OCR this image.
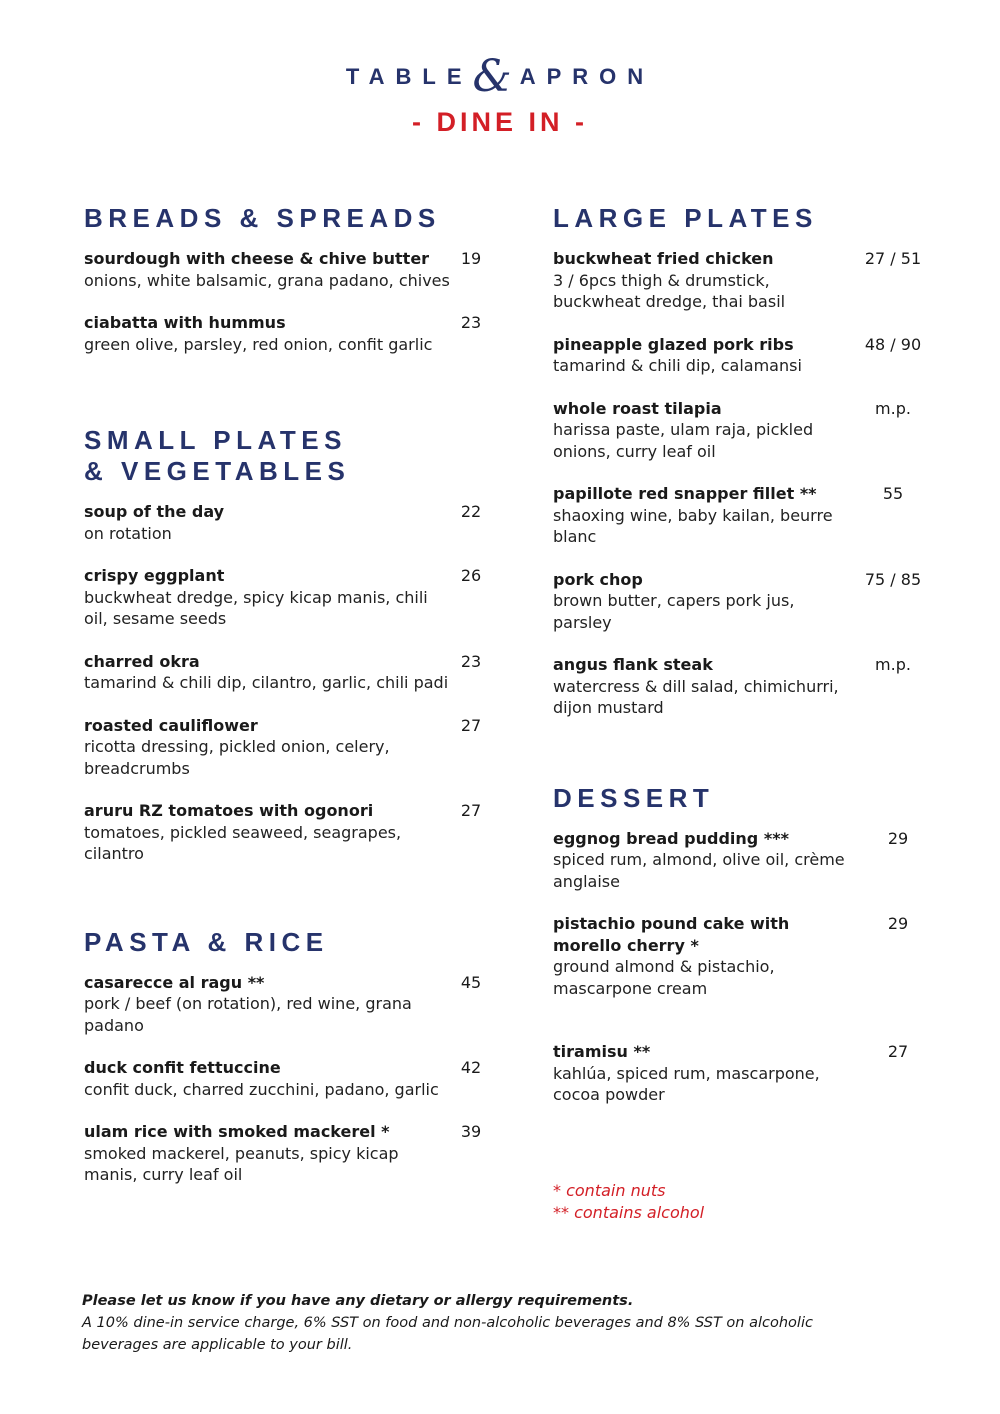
TABLE& APRON
- DINE IN -
BREADS & SPREADS
sourdough with cheese & chive butter
onions, white balsamic, grana padano, chives
19
ciabatta with hummus
green olive, parsley, red onion, confit garlic
23
SMALL PLATES
& VEGETABLES
soup of the day
on rotation
22
crispy eggplant
buckwheat dredge, spicy kicap manis, chili oil, sesame seeds
26
charred okra
tamarind & chili dip, cilantro, garlic, chili padi
23
roasted cauliflower
ricotta dressing, pickled onion, celery, breadcrumbs
27
aruru RZ tomatoes with ogonori
tomatoes, pickled seaweed, seagrapes, cilantro
27
PASTA & RICE
casarecce al ragu **
pork / beef (on rotation), red wine, grana padano
45
duck confit fettuccine
confit duck, charred zucchini, padano, garlic
42
ulam rice with smoked mackerel *
smoked mackerel, peanuts, spicy kicap manis, curry leaf oil
39
LARGE PLATES
buckwheat fried chicken
3 / 6pcs thigh & drumstick, buckwheat dredge, thai basil
27 / 51
pineapple glazed pork ribs
tamarind & chili dip, calamansi
48 / 90
whole roast tilapia
harissa paste, ulam raja, pickled onions, curry leaf oil
m.p.
papillote red snapper fillet **
shaoxing wine, baby kailan, beurre blanc
55
pork chop
brown butter, capers pork jus, parsley
75 / 85
angus flank steak
watercress & dill salad, chimichurri, dijon mustard
m.p.
DESSERT
eggnog bread pudding ***
spiced rum, almond, olive oil, crème anglaise
29
pistachio pound cake with morello cherry *
ground almond & pistachio, mascarpone cream
29
tiramisu **
kahlúa, spiced rum, mascarpone, cocoa powder
27
* contain nuts
** contains alcohol
Please let us know if you have any dietary or allergy requirements.
A 10% dine-in service charge, 6% SST on food and non-alcoholic beverages and 8% SST on alcoholic beverages are applicable to your bill.
